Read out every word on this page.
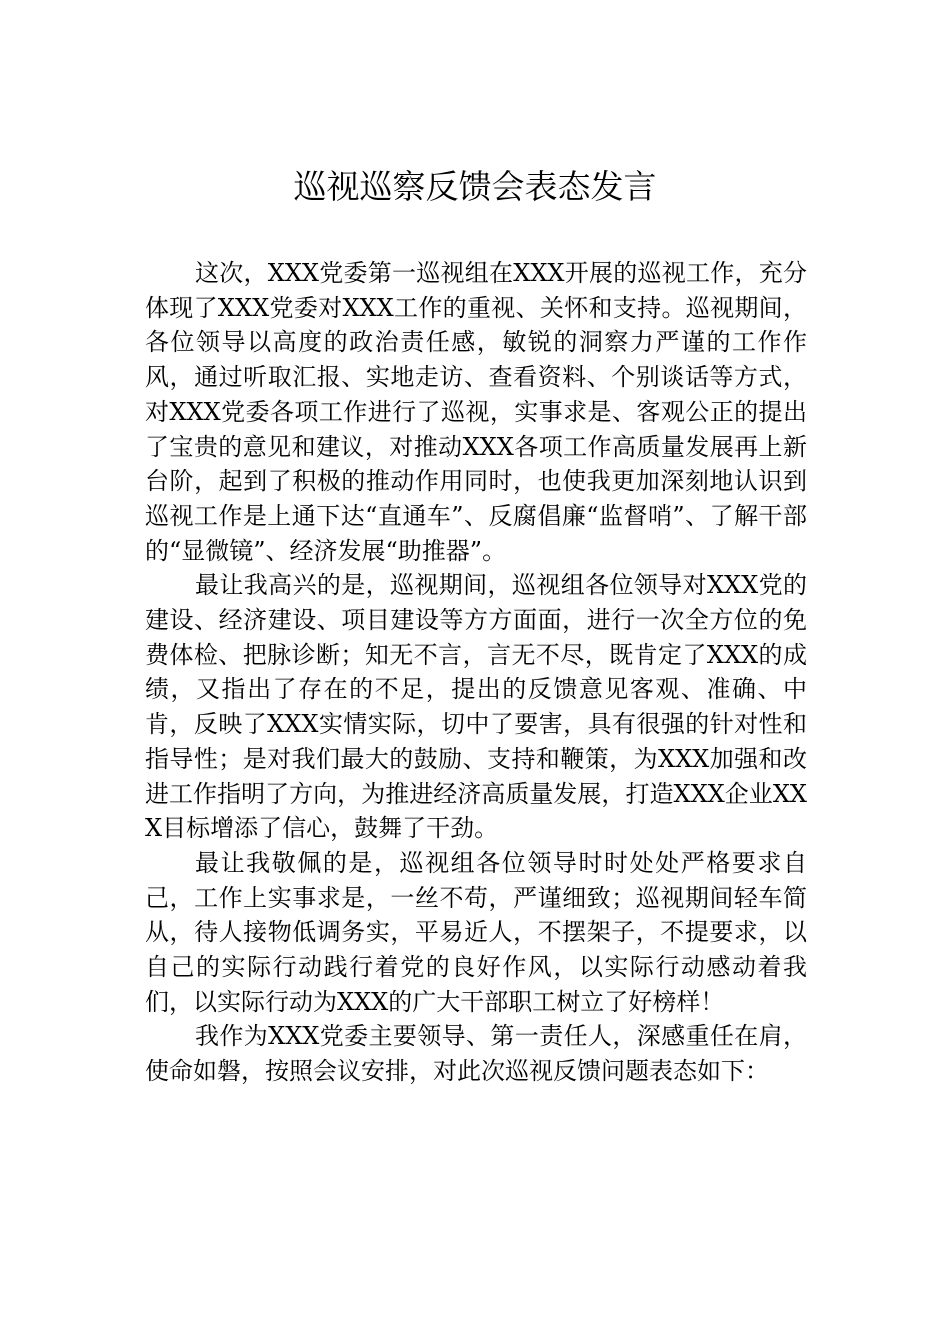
巡视巡察反馈会表态发言

这次，XXX党委第一巡视组在XXX开展的巡视工作，充分体现了XXX党委对XXX工作的重视、关怀和支持。巡视期间，各位领导以高度的政治责任感，敏锐的洞察力严谨的工作作风，通过听取汇报、实地走访、查看资料、个别谈话等方式，对XXX党委各项工作进行了巡视，实事求是、客观公正的提出了宝贵的意见和建议，对推动XXX各项工作高质量发展再上新台阶，起到了积极的推动作用同时，也使我更加深刻地认识到巡视工作是上通下达“直通车”、反腐倡廉“监督哨”、了解干部的“显微镜”、经济发展“助推器”。

最让我高兴的是，巡视期间，巡视组各位领导对XXX党的建设、经济建设、项目建设等方方面面，进行一次全方位的免费体检、把脉诊断；知无不言，言无不尽，既肯定了XXX的成绩，又指出了存在的不足，提出的反馈意见客观、准确、中肯，反映了XXX实情实际，切中了要害，具有很强的针对性和指导性；是对我们最大的鼓励、支持和鞭策，为XXX加强和改进工作指明了方向，为推进经济高质量发展，打造XXX企业XXX目标增添了信心，鼓舞了干劲。

最让我敬佩的是，巡视组各位领导时时处处严格要求自己，工作上实事求是，一丝不苟，严谨细致；巡视期间轻车简从，待人接物低调务实，平易近人，不摆架子，不提要求，以自己的实际行动践行着党的良好作风，以实际行动感动着我们，以实际行动为XXX的广大干部职工树立了好榜样！

我作为XXX党委主要领导、第一责任人，深感重任在肩，使命如磐，按照会议安排，对此次巡视反馈问题表态如下：
